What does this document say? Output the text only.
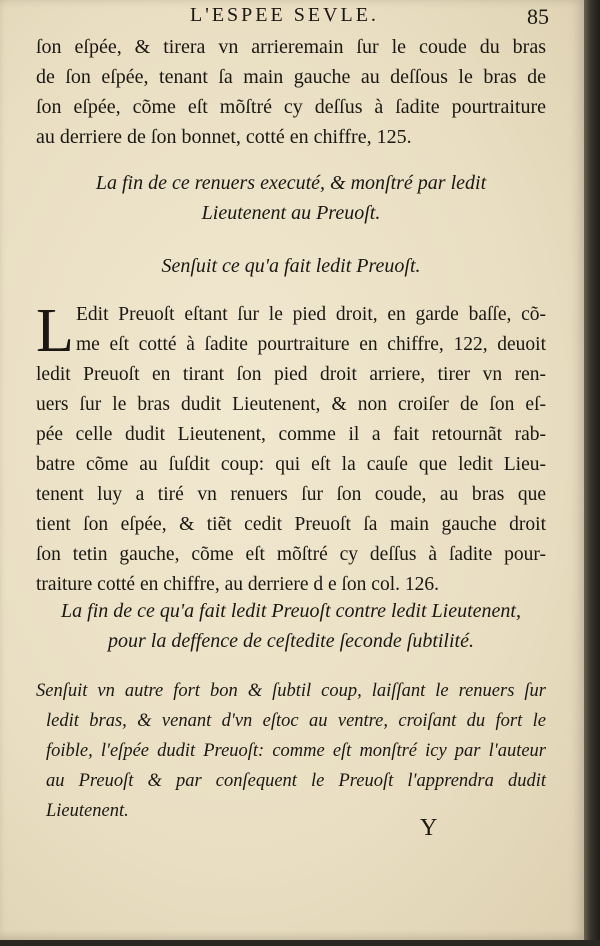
L'ESPEE SEVLE.	85
ſon eſpée, & tirera vn arrieremain ſur le coude du bras
de ſon eſpée, tenant ſa main gauche au deſſous le bras de
ſon eſpée, cõme eſt mõſtré cy deſſus à ſadite pourtraiture
au derriere de ſon bonnet, cotté en chiffre, 125.
La fin de ce renuers executé, & monſtré par ledit
Lieutenent au Preuoſt.
Senſuit ce qu'a fait ledit Preuoſt.
L Edit Preuoſt eſtant ſur le pied droit, en garde baſſe, cõ-
me eſt cotté à ſadite pourtraiture en chiffre, 122, deuoit
ledit Preuoſt en tirant ſon pied droit arriere, tirer vn ren-
uers ſur le bras dudit Lieutenent, & non croiſer de ſon eſ-
pée celle dudit Lieutenent, comme il a fait retournãt rab-
batre cõme au ſuſdit coup: qui eſt la cauſe que ledit Lieu-
tenent luy a tiré vn renuers ſur ſon coude, au bras que
tient ſon eſpée, & tiẽt cedit Preuoſt ſa main gauche droit
ſon tetin gauche, cõme eſt mõſtré cy deſſus à ſadite pour-
traiture cotté en chiffre, au derriere d e ſon col. 126.
La fin de ce qu'a fait ledit Preuoſt contre ledit Lieutenent,
pour la deffence de ceſtedite ſeconde ſubtilité.
Senſuit vn autre fort bon & ſubtil coup, laiſſant le renuers ſur
ledit bras, & venant d'vn eſtoc au ventre, croiſant du fort le
foible, l'eſpée dudit Preuoſt: comme eſt monſtré icy par l'auteur
au Preuoſt & par conſequent le Preuoſt l'apprendra dudit
Lieutenent.
Y
